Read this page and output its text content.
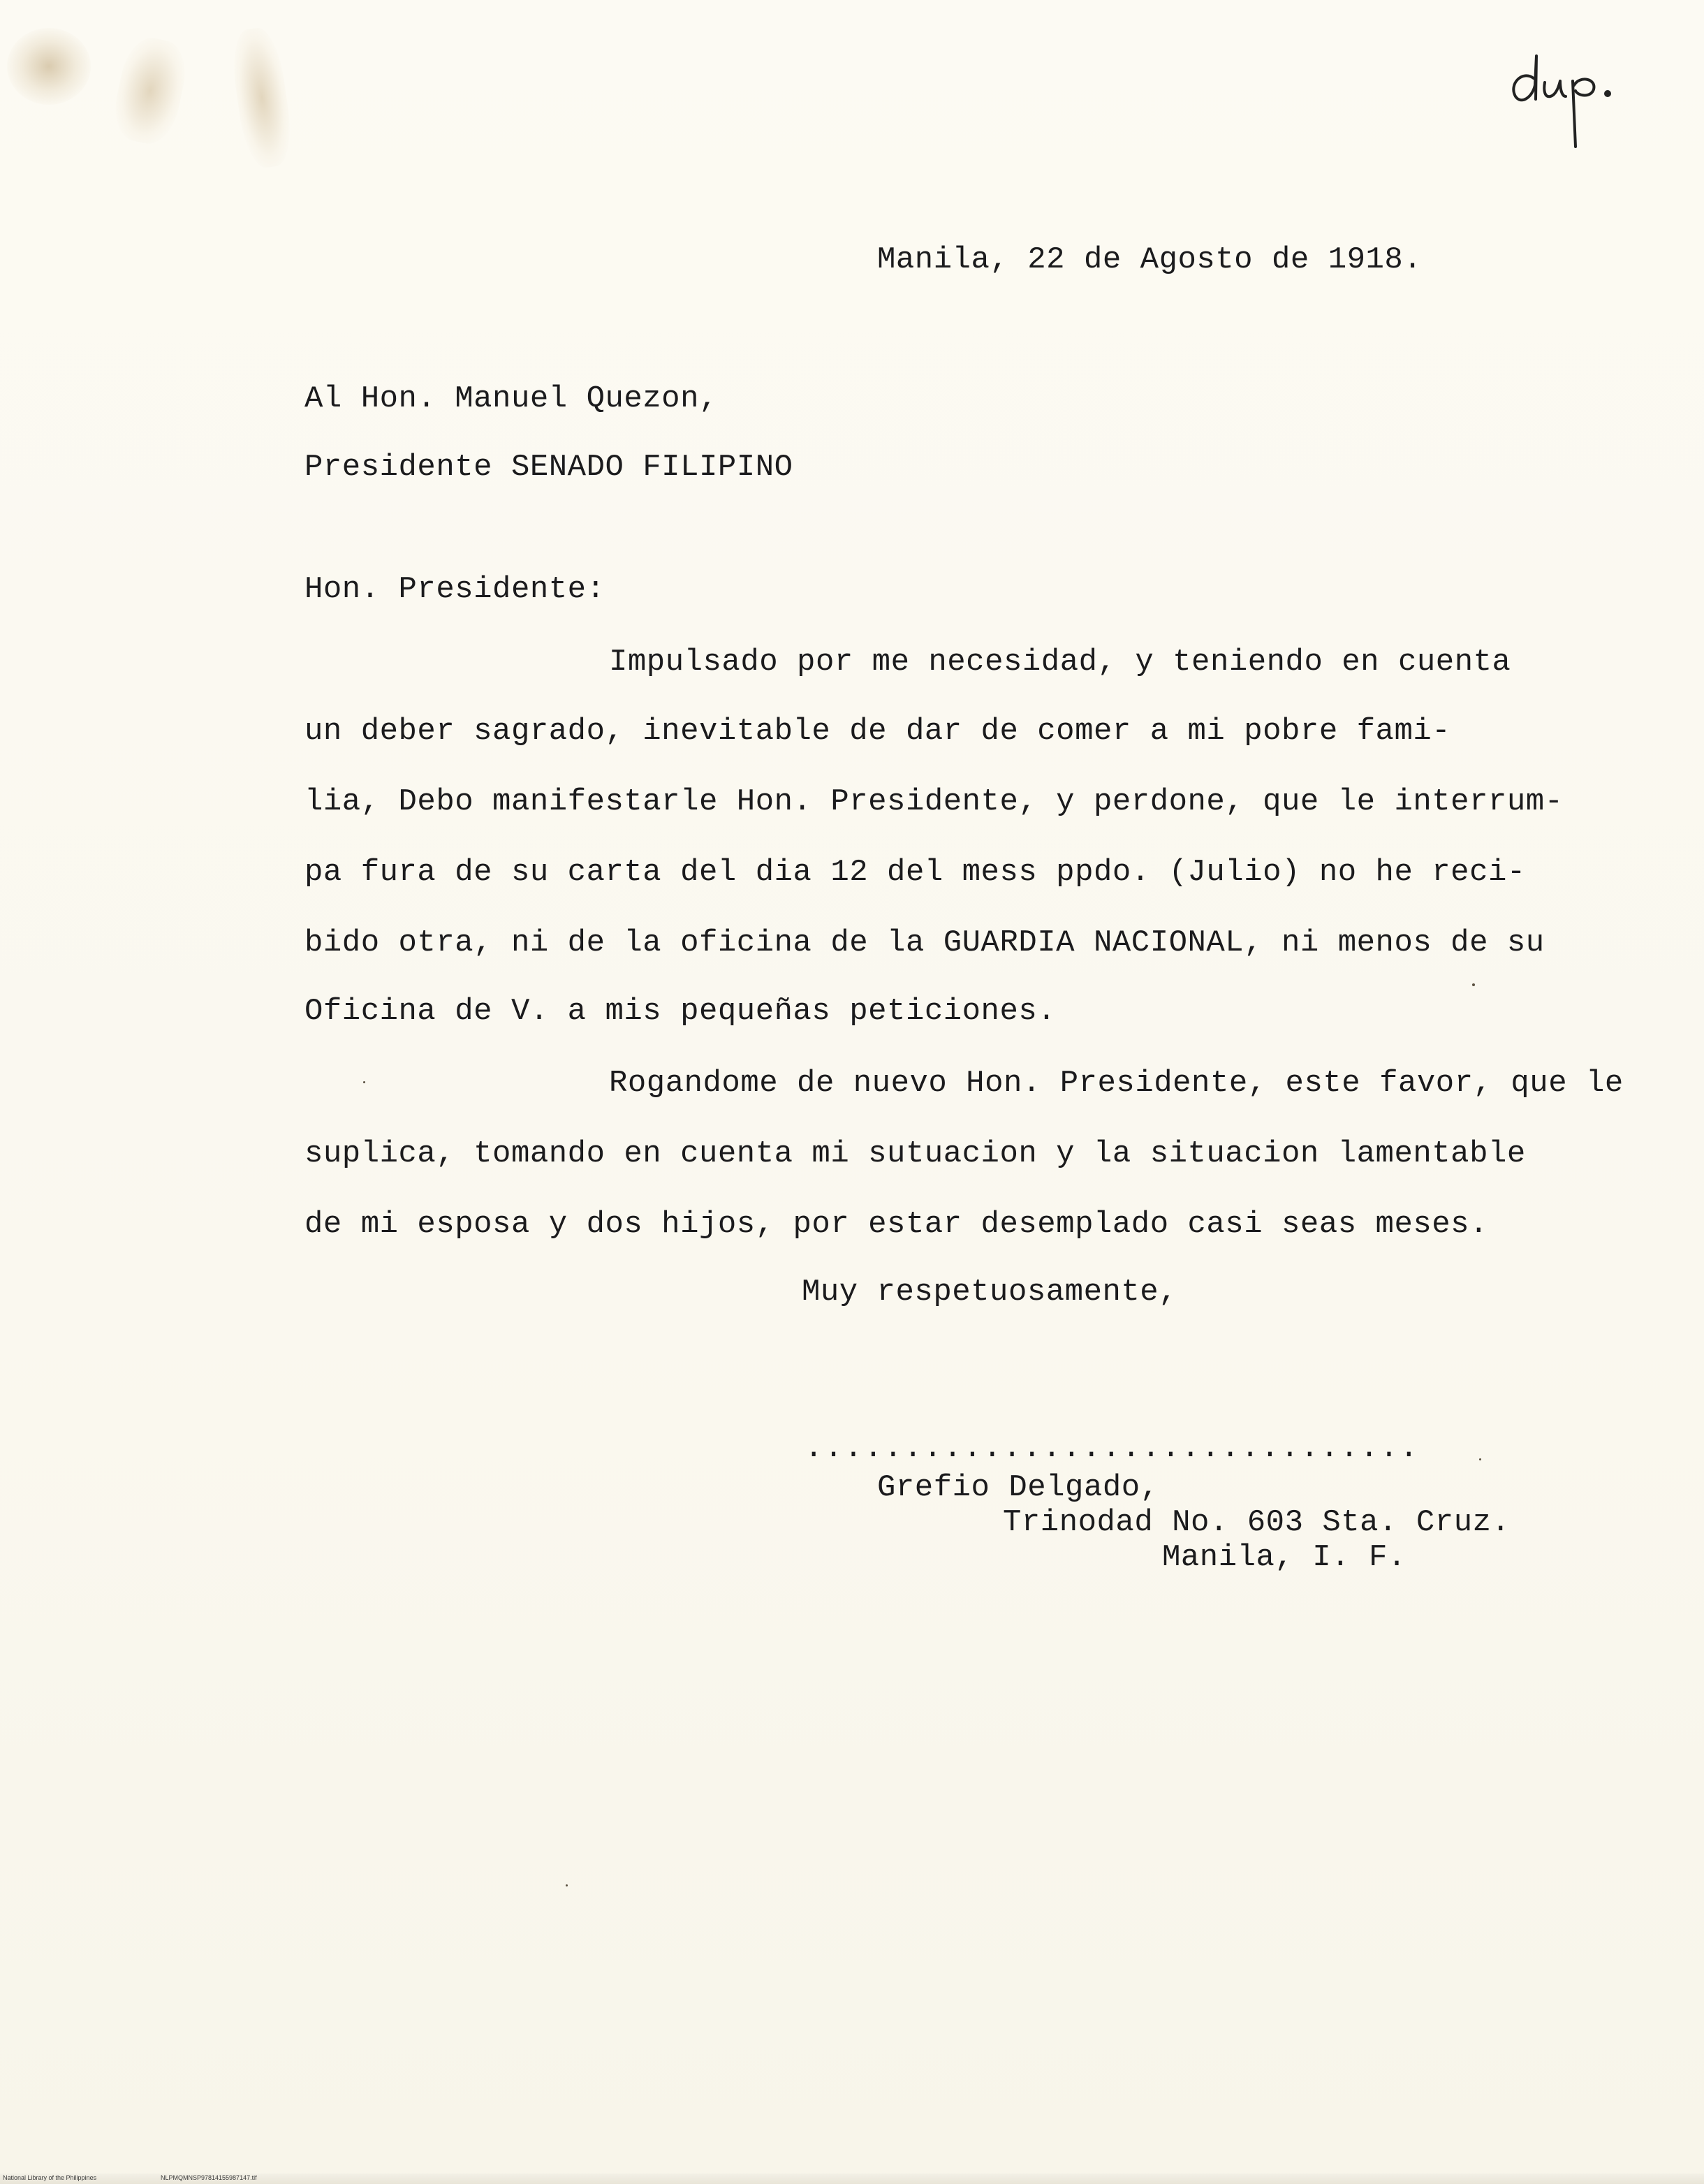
dup.
Manila, 22 de Agosto de 1918.
Al Hon. Manuel Quezon,
Presidente SENADO FILIPINO
Hon. Presidente:
Impulsado por me necesidad, y teniendo en cuenta
un deber sagrado, inevitable de dar de comer a mi pobre fami-
lia, Debo manifestarle Hon. Presidente, y perdone, que le interrum-
pa fura de su carta del dia 12 del mess ppdo. (Julio) no he reci-
bido otra, ni de la oficina de la GUARDIA NACIONAL, ni menos de su
Oficina de V. a mis pequeñas peticiones.
Rogandome de nuevo Hon. Presidente, este favor, que le
suplica, tomando en cuenta mi sutuacion y la situacion lamentable
de mi esposa y dos hijos, por estar desemplado casi seas meses.
Muy respetuosamente,
...............................
Grefio Delgado,
Trinodad No. 603 Sta. Cruz.
Manila, I. F.
National Library of the Philippines	NLPMQMNSP97814155987147.tif
